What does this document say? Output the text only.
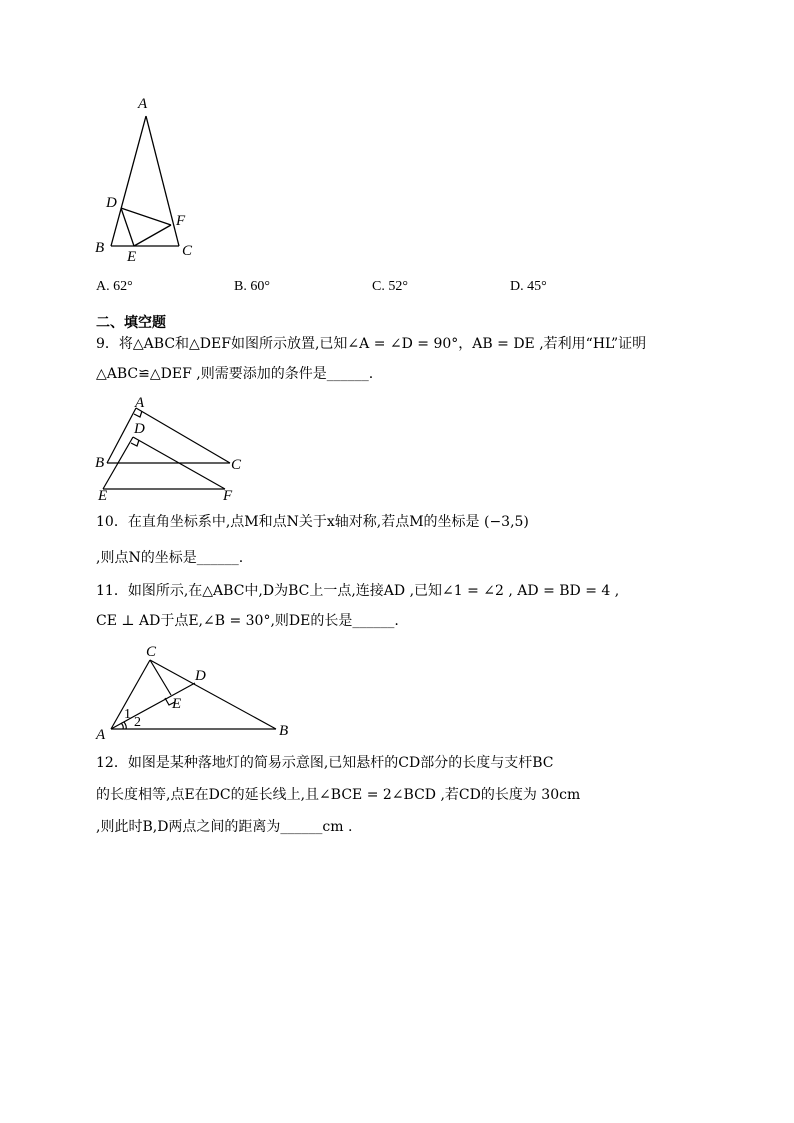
A
D
F
B
E	C
A. 62°	B. 60°	C. 52°	D. 45°
二、填空题
9．将△ABC和△DEF如图所示放置,已知∠A = ∠D = 90°，AB = DE ,若利用“HL”证明
△ABC≌△DEF ,则需要添加的条件是______.
A
D
B	C
E	F
10．在直角坐标系中,点M和点N关于x轴对称,若点M的坐标是 (−3,5)
,则点N的坐标是______.
11．如图所示,在△ABC中,D为BC上一点,连接AD ,已知∠1 = ∠2 , AD = BD = 4 ,
CE ⊥ AD于点E,∠B = 30°,则DE的长是______.
C
D
E
A	B
1
2
12．如图是某种落地灯的简易示意图,已知悬杆的CD部分的长度与支杆BC
的长度相等,点E在DC的延长线上,且∠BCE = 2∠BCD ,若CD的长度为 30cm
,则此时B,D两点之间的距离为______cm .
